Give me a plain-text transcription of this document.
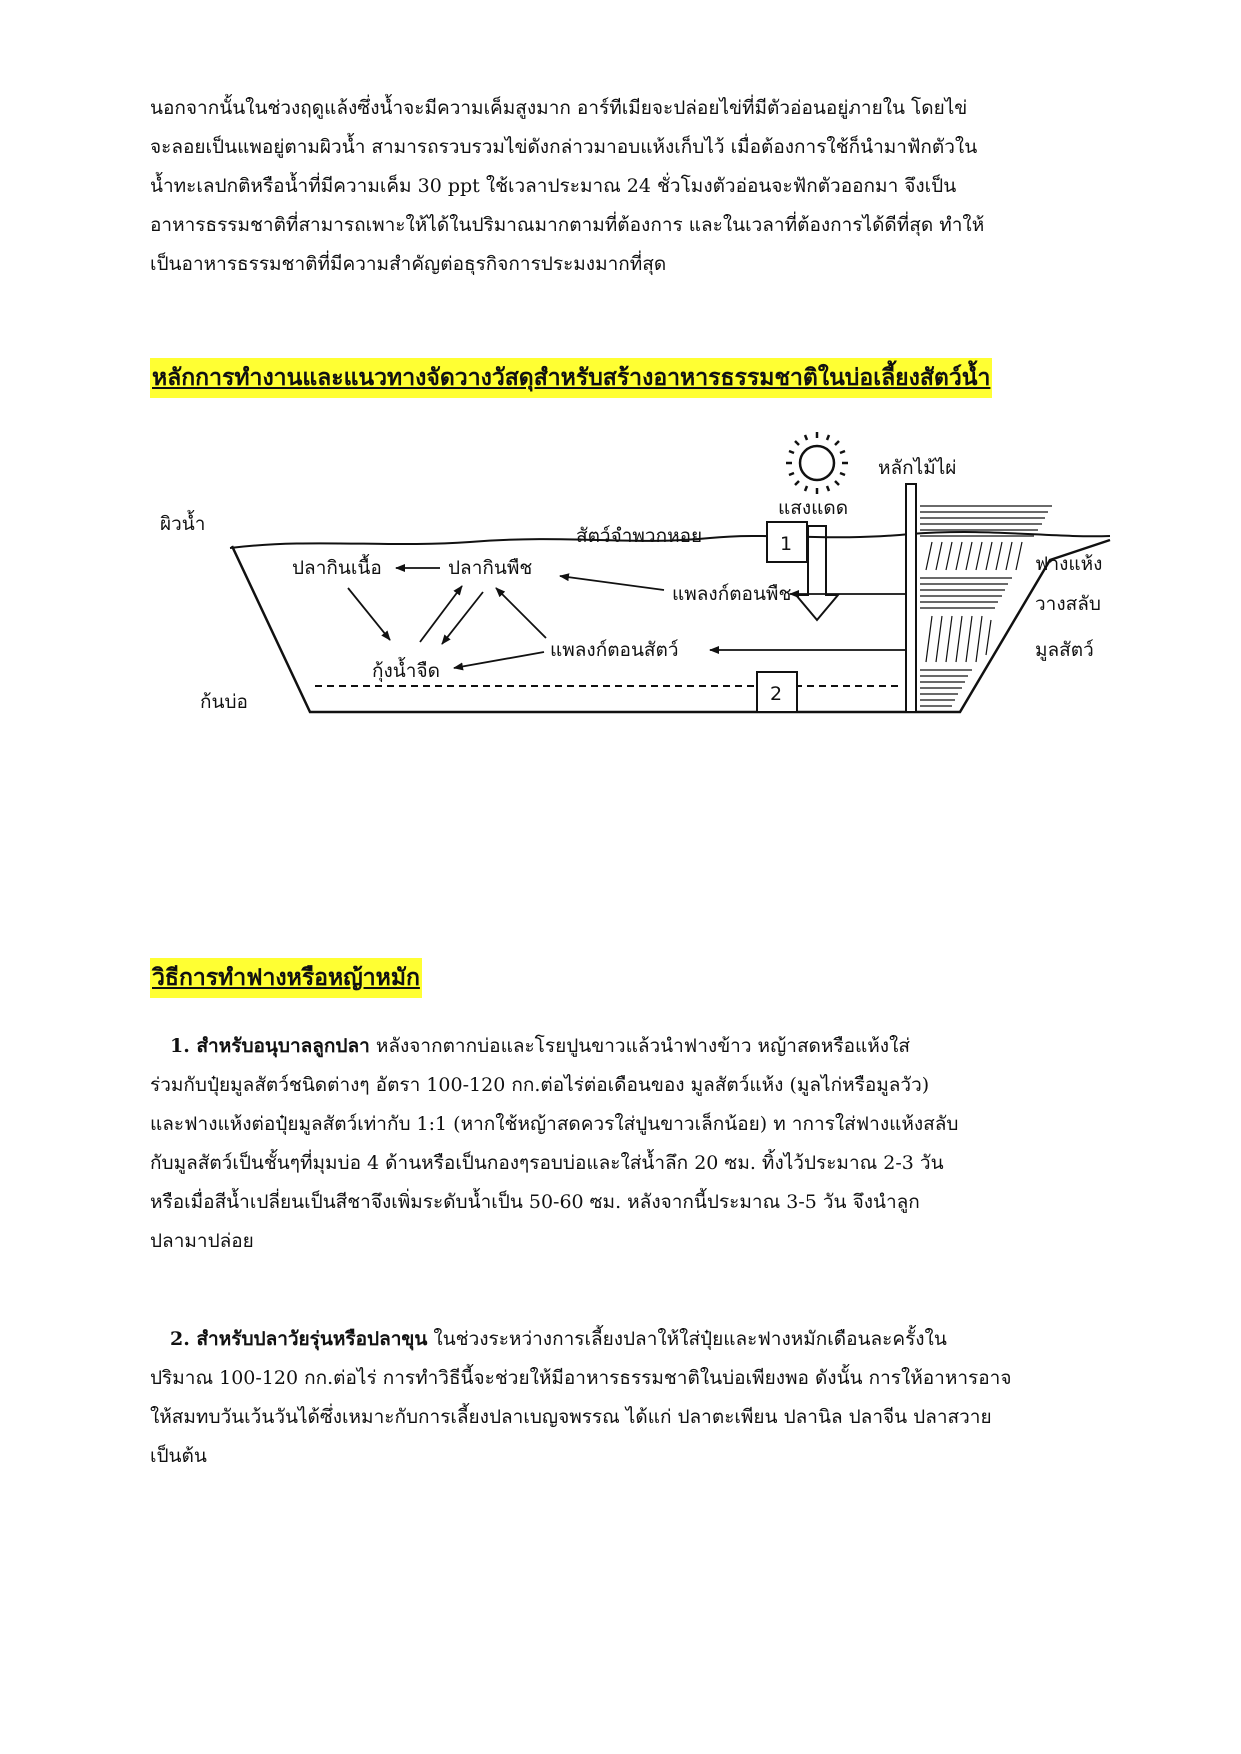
นอกจากนั้นในช่วงฤดูแล้งซึ่งน้ำจะมีความเค็มสูงมาก อาร์ทีเมียจะปล่อยไข่ที่มีตัวอ่อนอยู่ภายใน โดยไข่
จะลอยเป็นแพอยู่ตามผิวน้ำ สามารถรวบรวมไข่ดังกล่าวมาอบแห้งเก็บไว้ เมื่อต้องการใช้ก็นำมาฟักตัวใน
น้ำทะเลปกติหรือน้ำที่มีความเค็ม 30 ppt ใช้เวลาประมาณ 24 ชั่วโมงตัวอ่อนจะฟักตัวออกมา จึงเป็น
อาหารธรรมชาติที่สามารถเพาะให้ได้ในปริมาณมากตามที่ต้องการ และในเวลาที่ต้องการได้ดีที่สุด ทำให้
เป็นอาหารธรรมชาติที่มีความสำคัญต่อธุรกิจการประมงมากที่สุด
หลักการทำงานและแนวทางจัดวางวัสดุสำหรับสร้างอาหารธรรมชาติในบ่อเลี้ยงสัตว์น้ำ
แสงแดด
หลักไม้ไผ่
1
2
ผิวน้ำ
สัตว์จำพวกหอย
ปลากินเนื้อ	ปลากินพืช
แพลงก์ตอนพืช
แพลงก์ตอนสัตว์
กุ้งน้ำจืด
ก้นบ่อ
ฟางแห้ง
วางสลับ
มูลสัตว์
วิธีการทำฟางหรือหญ้าหมัก
1. สำหรับอนุบาลลูกปลา หลังจากตากบ่อและโรยปูนขาวแล้วนำฟางข้าว หญ้าสดหรือแห้งใส่
ร่วมกับปุ๋ยมูลสัตว์ชนิดต่างๆ อัตรา 100-120 กก.ต่อไร่ต่อเดือนของ มูลสัตว์แห้ง (มูลไก่หรือมูลวัว)
และฟางแห้งต่อปุ๋ยมูลสัตว์เท่ากับ 1:1 (หากใช้หญ้าสดควรใส่ปูนขาวเล็กน้อย) ท าการใส่ฟางแห้งสลับ
กับมูลสัตว์เป็นชั้นๆที่มุมบ่อ 4 ด้านหรือเป็นกองๆรอบบ่อและใส่น้ำลึก 20 ซม. ทิ้งไว้ประมาณ 2-3 วัน
หรือเมื่อสีน้ำเปลี่ยนเป็นสีชาจึงเพิ่มระดับน้ำเป็น 50-60 ซม. หลังจากนี้ประมาณ 3-5 วัน จึงนำลูก
ปลามาปล่อย
2. สำหรับปลาวัยรุ่นหรือปลาขุน ในช่วงระหว่างการเลี้ยงปลาให้ใส่ปุ๋ยและฟางหมักเดือนละครั้งใน
ปริมาณ 100-120 กก.ต่อไร่ การทำวิธีนี้จะช่วยให้มีอาหารธรรมชาติในบ่อเพียงพอ ดังนั้น การให้อาหารอาจ
ให้สมทบวันเว้นวันได้ซึ่งเหมาะกับการเลี้ยงปลาเบญจพรรณ ได้แก่ ปลาตะเพียน ปลานิล ปลาจีน ปลาสวาย
เป็นต้น
